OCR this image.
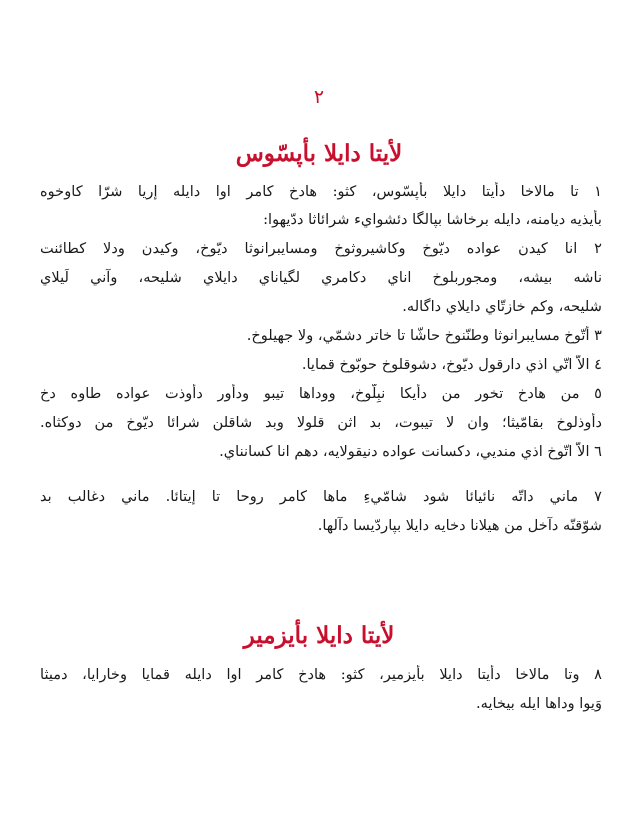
٢
لأيتا دايلا بأپسّوس
١ تا مالاخا دأيتا دايلا بأپسّوس، كثو: هادخ كامر اوا دايله إريا شرّا كاوخوه
بأيذيه ديامنه، دايله برخاشا بپالگا دئشوايء شرائاثا ددّيهوا:
٢ انا كيدن عواده ديّوخ وكاشيروثوخ ومسايبرانوثا ديّوخ، وكيدن ودلا كطائنت
ناشه بيشه، ومجوربلوخ اناي دكامري لگياناي دايلاي شليحه، وآني لَيلاي
شليحه، وكم خازتّاي دايلاي داگاله.
٣ أتّوخ مسايبرانوثا وطنّنوخ حاشّا تا خاتر دشمّي، ولا جهيلوخ.
٤ الاّ اتّي اذي دارقول ديّوخ، دشوقلوخ حوبّوخ قمايا.
٥ من هادخ تخور من دأيكا نبِلّوخ، ووداها تيبو ودأور دأوذت عواده طاوه دخ
دأوذلوخ بقامّيثا؛ وان لا تيبوت، بد اثن قلولا وبد شاقلن شرائا ديّوخ من دوكثاه.
٦ الاّ اتّوخ اذي منديي، دكسانت عواده دنيقولايه، دهم انا كسانناي.
٧ ماني داتّه نائيائا شود شامّيءِ ماها كامر روحا تا إيتائا. ماني دغالب بد
شوّقنّه دآخل من هيلانا دخايه دايلا بپاردّيسا دآلها.
لأيتا دايلا بأيزمير
٨ وتا مالاخا دأيتا دايلا بأيزمير، كثو: هادخ كامر اوا دايله قمايا وخارايا، دميثا
وَيوا وداها ايله بيخايه.
